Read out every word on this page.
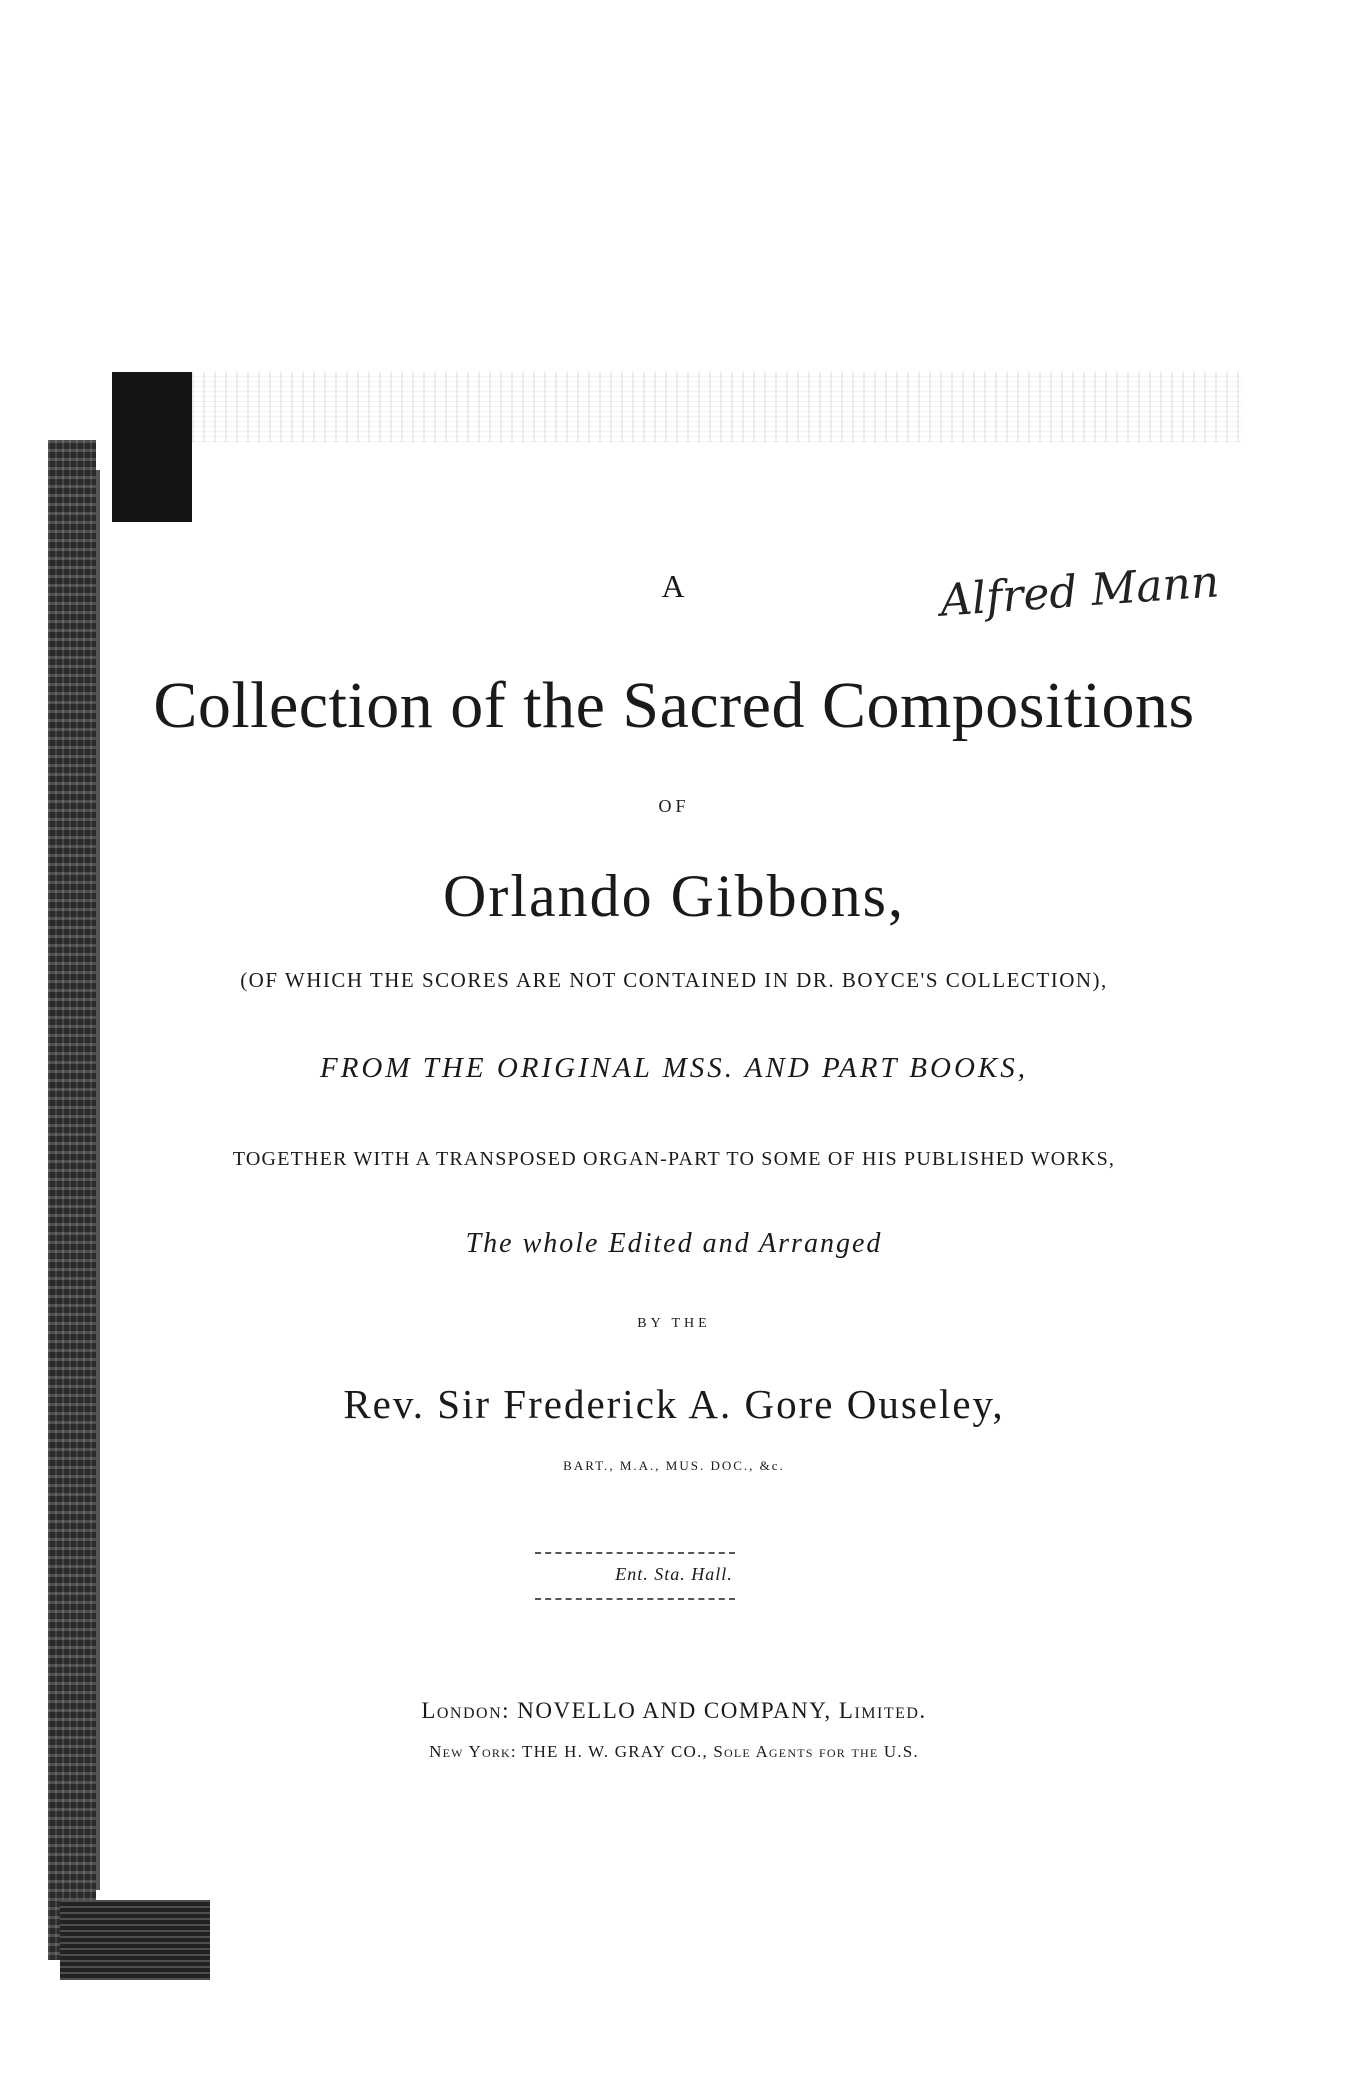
A	Alfred Mann
Collection of the Sacred Compositions
OF
Orlando Gibbons,
(OF WHICH THE SCORES ARE NOT CONTAINED IN DR. BOYCE'S COLLECTION),
FROM THE ORIGINAL MSS. AND PART BOOKS,
TOGETHER WITH A TRANSPOSED ORGAN-PART TO SOME OF HIS PUBLISHED WORKS,
The whole Edited and Arranged
BY THE
Rev. Sir Frederick A. Gore Ouseley,
BART., M.A., MUS. DOC., &c.
Ent. Sta. Hall.
London: NOVELLO AND COMPANY, Limited.
New York: THE H. W. GRAY CO., Sole Agents for the U.S.
